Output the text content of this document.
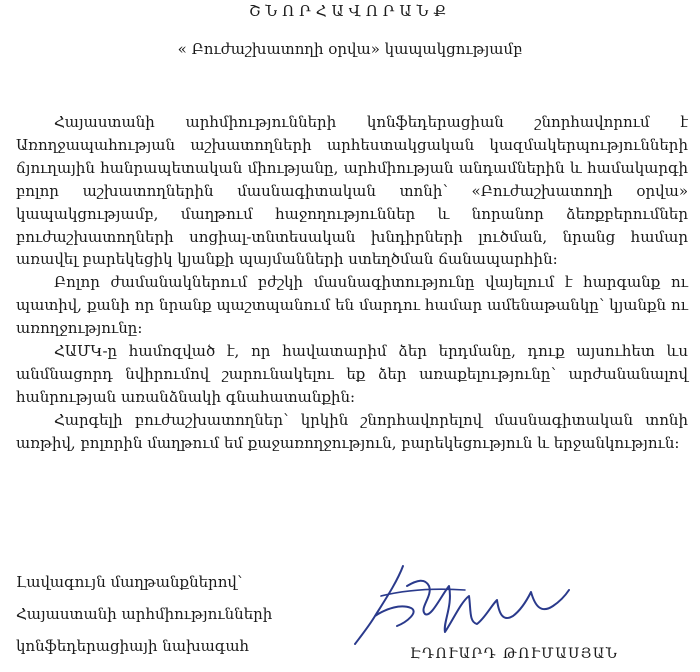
ՇՆՈՐՀԱՎՈՐԱՆՔ
« Բուժաշխատողի օրվա» կապակցությամբ

Հայաստանի արհմիությունների կոնֆեդերացիան շնորհավորում է Առողջապահության աշխատողների արհեստակցական կազմակերպությունների ճյուղային հանրապետական միությանը, արհմիության անդամներին և համակարգի բոլոր աշխատողներին մասնագիտական տոնի՝ «Բուժաշխատողի օրվա» կապակցությամբ, մաղթում հաջողություններ և նորանոր ձեռքբերումներ բուժաշխատողների սոցիալ-տնտեսական խնդիրների լուծման, նրանց համար առավել բարեկեցիկ կյանքի պայմանների ստեղծման ճանապարհին:

Բոլոր ժամանակներում բժշկի մասնագիտությունը վայելում է հարգանք ու պատիվ, քանի որ նրանք պաշտպանում են մարդու համար ամենաթանկը՝ կյանքն ու առողջությունը:

ՀԱՄԿ-ը համոզված է, որ հավատարիմ ձեր երդմանը, դուք այսուհետ ևս անմնացորդ նվիրումով շարունակելու եք ձեր առաքելությունը՝ արժանանալով հանրության առանձնակի գնահատանքին:

Հարգելի բուժաշխատողներ՝ կրկին շնորհավորելով մասնագիտական տոնի առթիվ, բոլորին մաղթում եմ քաջառողջություն, բարեկեցություն և երջանկություն:

Լավագույն մաղթանքներով՝
Հայաստանի արհմիությունների
կոնֆեդերացիայի նախագահ	ԷԴՈՒԱՐԴ ԹՈՒՄԱՍՅԱՆ
